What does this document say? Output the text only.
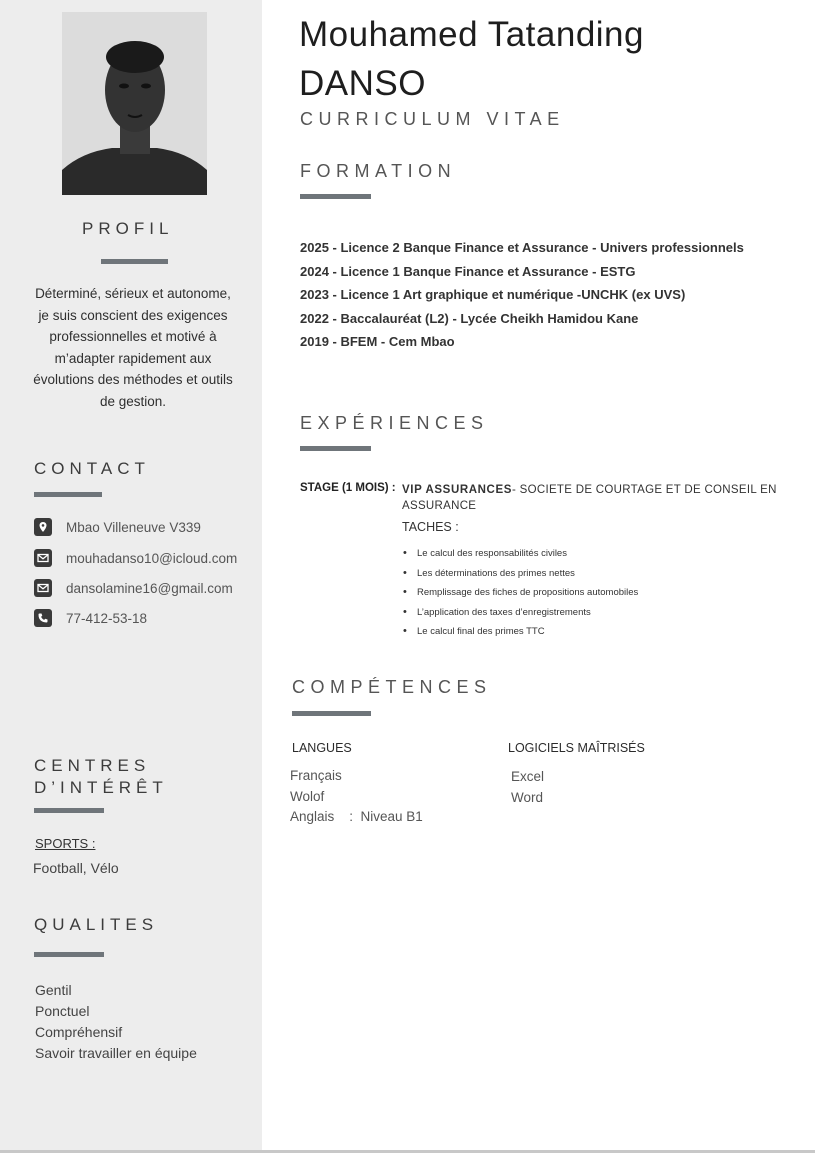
PROFIL
Déterminé, sérieux et autonome, je suis conscient des exigences professionnelles et motivé à m’adapter rapidement aux évolutions des méthodes et outils de gestion.
CONTACT
Mbao Villeneuve V339
mouhadanso10@icloud.com
dansolamine16@gmail.com
77-412-53-18
CENTRES
D’INTÉRÊT
SPORTS :
Football, Vélo
QUALITES
Gentil
Ponctuel
Compréhensif
Savoir travailler en équipe
Mouhamed Tatanding
DANSO
CURRICULUM VITAE
FORMATION
2025 - Licence 2 Banque Finance et Assurance - Univers professionnels
2024 - Licence 1 Banque Finance et Assurance - ESTG
2023 - Licence 1 Art graphique et numérique -UNCHK (ex UVS)
2022 - Baccalauréat (L2) - Lycée Cheikh Hamidou Kane
2019 - BFEM - Cem Mbao
EXPÉRIENCES
STAGE (1 MOIS) : VIP ASSURANCES- SOCIETE DE COURTAGE ET DE CONSEIL EN ASSURANCE
TACHES :
• Le calcul des responsabilités civiles
• Les déterminations des primes nettes
• Remplissage des fiches de propositions automobiles
• L’application des taxes d’enregistrements
• Le calcul final des primes TTC
COMPÉTENCES
LANGUES
Français
Wolof
Anglais    :  Niveau B1
LOGICIELS MAÎTRISÉS
Excel
Word
